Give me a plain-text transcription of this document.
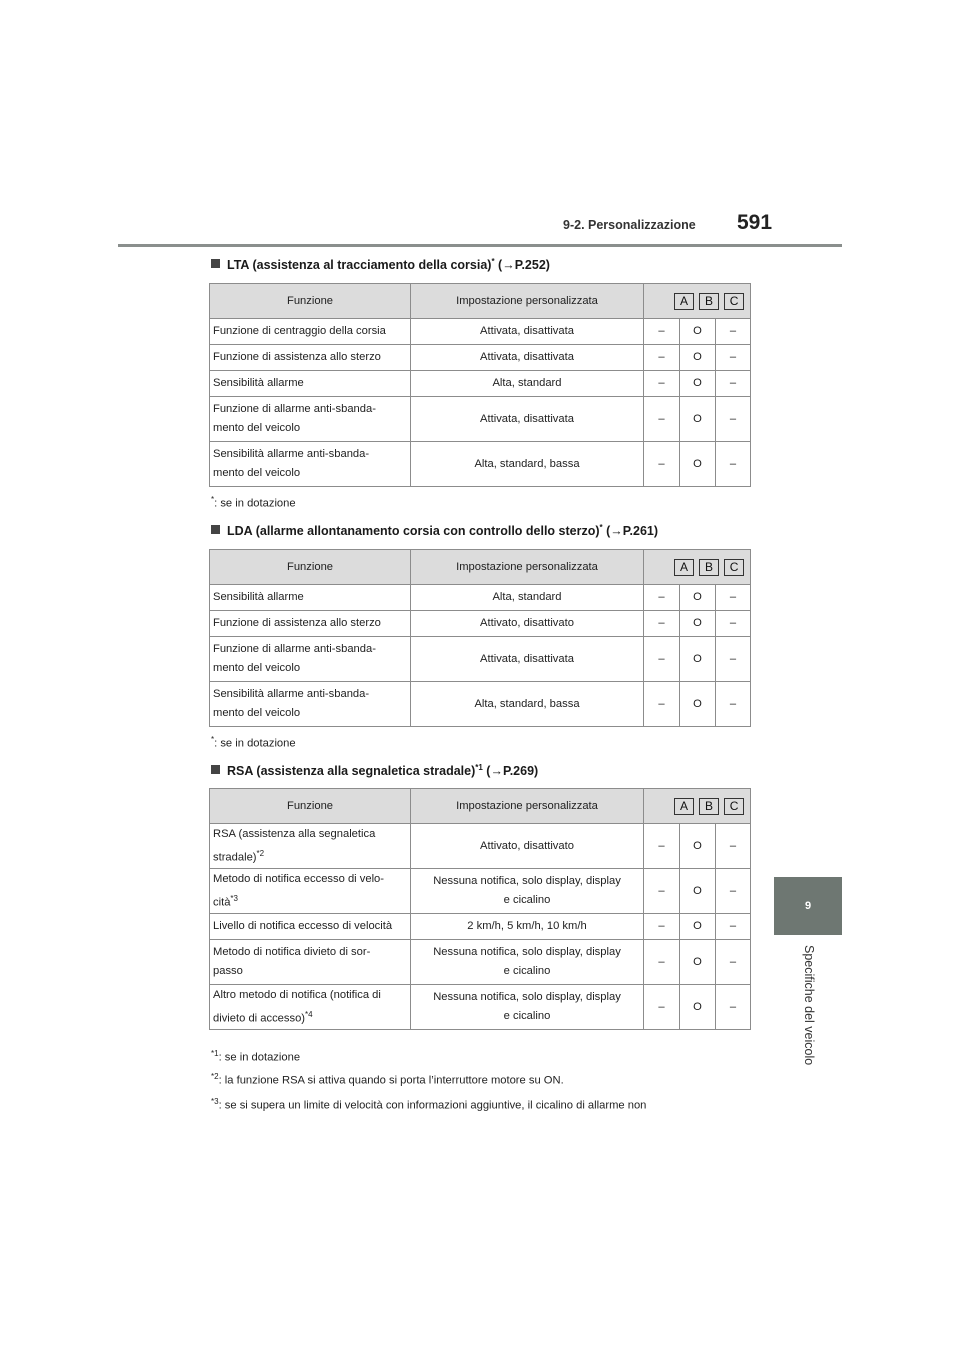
9-2. Personalizzazione 591
9
Specifiche del veicolo
LTA (assistenza al tracciamento della corsia)* (→P.252)
Funzione	Impostazione personalizzata	A B C		

Funzione di centraggio della corsia	Attivata, disattivata	–	O	–
Funzione di assistenza allo sterzo	Attivata, disattivata	–	O	–
Sensibilità allarme	Alta, standard	–	O	–
Funzione di allarme anti-sbanda-
mento del veicolo	Attivata, disattivata	–	O	–
Sensibilità allarme anti-sbanda-
mento del veicolo	Alta, standard, bassa	–	O	–
*: se in dotazione
LDA (allarme allontanamento corsia con controllo dello sterzo)* (→P.261)
Funzione	Impostazione personalizzata	A B C		

Sensibilità allarme	Alta, standard	–	O	–
Funzione di assistenza allo sterzo	Attivato, disattivato	–	O	–
Funzione di allarme anti-sbanda-
mento del veicolo	Attivata, disattivata	–	O	–
Sensibilità allarme anti-sbanda-
mento del veicolo	Alta, standard, bassa	–	O	–
*: se in dotazione
RSA (assistenza alla segnaletica stradale)$^{*1}$ (→P.269)
Funzione	Impostazione personalizzata	A B C		

RSA (assistenza alla segnaletica
stradale)$^{*2}$	Attivato, disattivato	–	O	–
Metodo di notifica eccesso di velo-
cità$^{*3}$	Nessuna notifica, solo display, display
e cicalino	–	O	–
Livello di notifica eccesso di velocità	2 km/h, 5 km/h, 10 km/h	–	O	–
Metodo di notifica divieto di sor-
passo	Nessuna notifica, solo display, display
e cicalino	–	O	–
Altro metodo di notifica (notifica di
divieto di accesso)$^{*4}$	Nessuna notifica, solo display, display
e cicalino	–	O	–
$^{*1}$: se in dotazione
$^{*2}$: la funzione RSA si attiva quando si porta l’interruttore motore su ON.
$^{*3}$: se si supera un limite di velocità con informazioni aggiuntive, il cicalino di allarme non
